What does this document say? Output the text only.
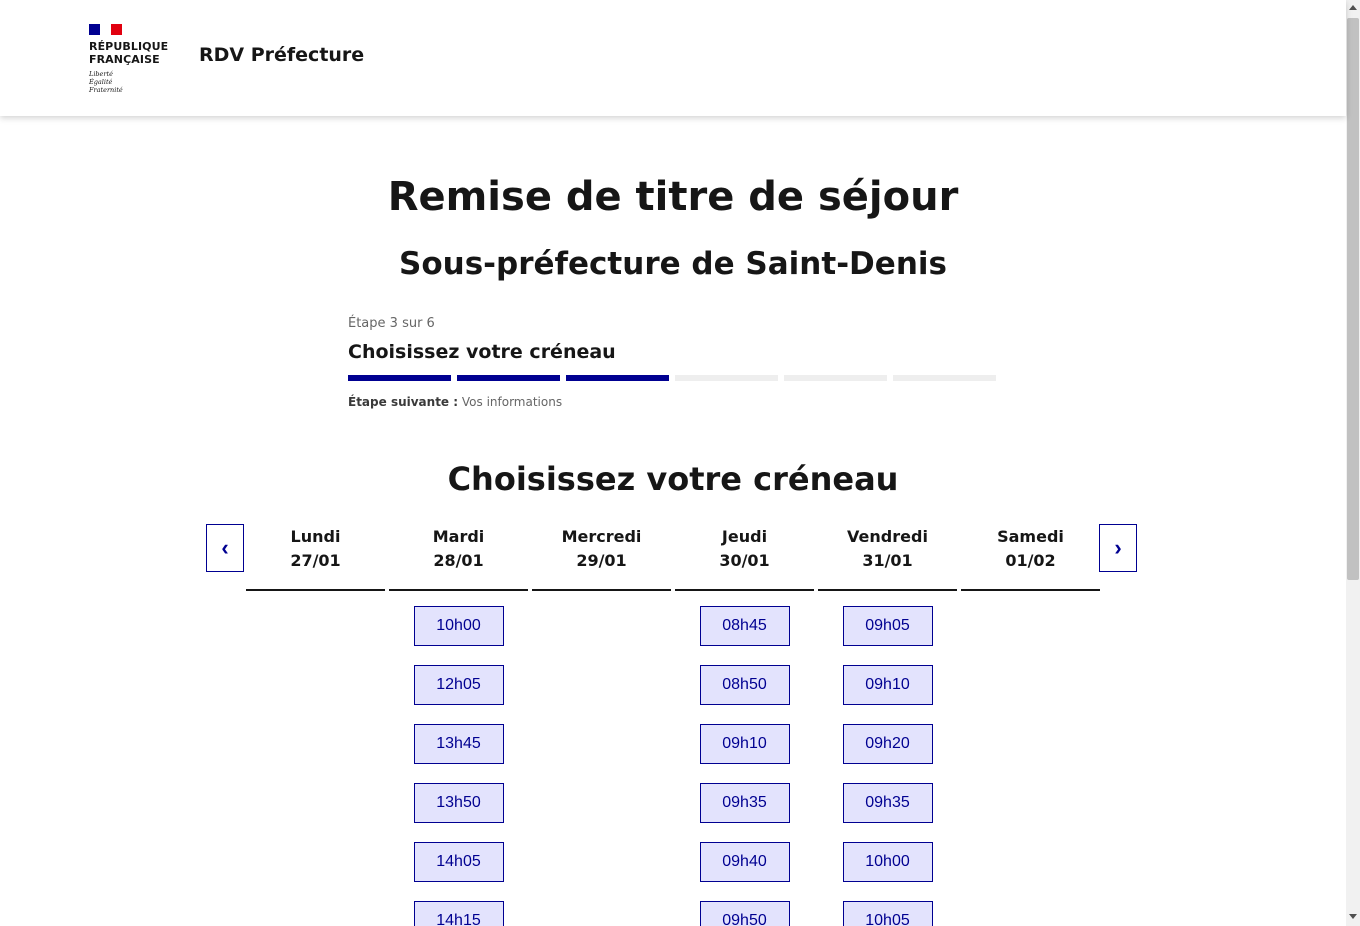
RÉPUBLIQUE
FRANÇAISE
Liberté
Égalité
Fraternité
RDV Préfecture
Remise de titre de séjour
Sous-préfecture de Saint-Denis
Étape 3 sur 6
Choisissez votre créneau
Étape suivante : Vos informations
Choisissez votre créneau
‹	Lundi
27/01
Mardi
28/01
10h00
12h05
13h45
13h50
14h05
14h15
Mercredi
29/01
Jeudi
30/01
08h45
08h50
09h10
09h35
09h40
09h50
Vendredi
31/01
09h05
09h10
09h20
09h35
10h00
10h05
Samedi
01/02
›
